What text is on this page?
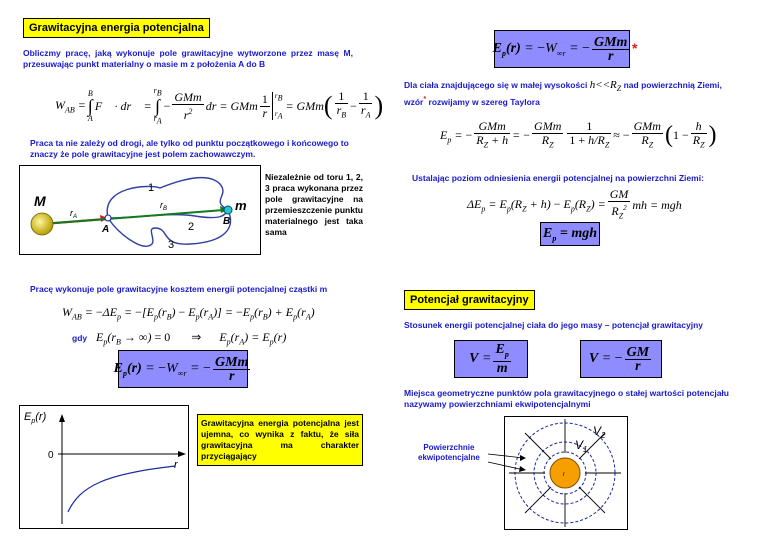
Grawitacyjna energia potencjalna
Obliczmy pracę, jaką wykonuje pole grawitacyjne wytworzone przez masę M, przesuwając punkt materialny o masie m z położenia A do B
$W_{AB}$ =
B
∫
A
F⃗ · dr⃗ =
$r_B$
∫
$r_A$
− $\frac{\text{GMm}}{r^2}$ dr = GMm $\frac{1}{r} r_B$
$r_A$
= GMm ( $\frac{1}{r_B} - \frac{1}{r_A}$ )
Praca ta nie zależy od drogi, ale tylko od punktu początkowego i końcowego to znaczy że pole grawitacyjne jest polem zachowawczym.
M	m
A
B
$r_A$
$r_B$
1
2
3
Niezależnie od toru 1, 2, 3 praca wykonana przez pole grawitacyjne na przemieszczenie punktu materialnego jest taka sama
Pracę wykonuje pole grawitacyjne kosztem energii potencjalnej cząstki m
$W_{AB} = -\Delta E_p = -[E_p(r_B) - E_p(r_A)] = -E_p(r_B) + E_p(r_A)$
gdy $E_p(r_B$ → ∞) = 0 ⇒      $E_p(r_A) = E_p(r)$
$E_p(r) = -W_{\infty r}$ = − $\frac{\text{GMm}}{r}$
$E_p(r)$
0
r
Grawitacyjna energia potencjalna jest ujemna, co wynika z faktu, że siła grawitacyjna ma charakter przyciągający
$E_p(r) = -W_{\infty r}$ = − $\frac{\text{GMm}}{r}$ *
Dla ciała znajdującego się w małej wysokości $h<<R_Z$ nad powierzchnią Ziemi,
wzór* rozwijamy w szereg Taylora
$E_p$ = − $\frac{\text{GMm}}{R_Z + h}$ = − $\frac{\text{GMm}}{R_Z} \frac{1}{1 + h/R_Z}$ ≈ − $\frac{\text{GMm}}{R_Z}$ ( $1 - \frac{h}{R_Z}$ )
Ustalając poziom odniesienia energii potencjalnej na powierzchni Ziemi:
$\Delta E_p = E_p(R_Z + h) - E_p(R_Z) = \frac{GM}{R_Z^2}$ mh = mgh
$E_p$ = mgh
Potencjał grawitacyjny
Stosunek energii potencjalnej ciała do jego masy – potencjał grawitacyjny
$V = \frac{E_p}{m}$	V = − $\frac{GM}{r}$
Miejsca geometryczne punktów pola grawitacyjnego o stałej wartości potencjału nazywamy powierzchniami ekwipotencjalnymi
Powierzchnie
ekwipotencjalne
r
$V_1$
$V_2$
